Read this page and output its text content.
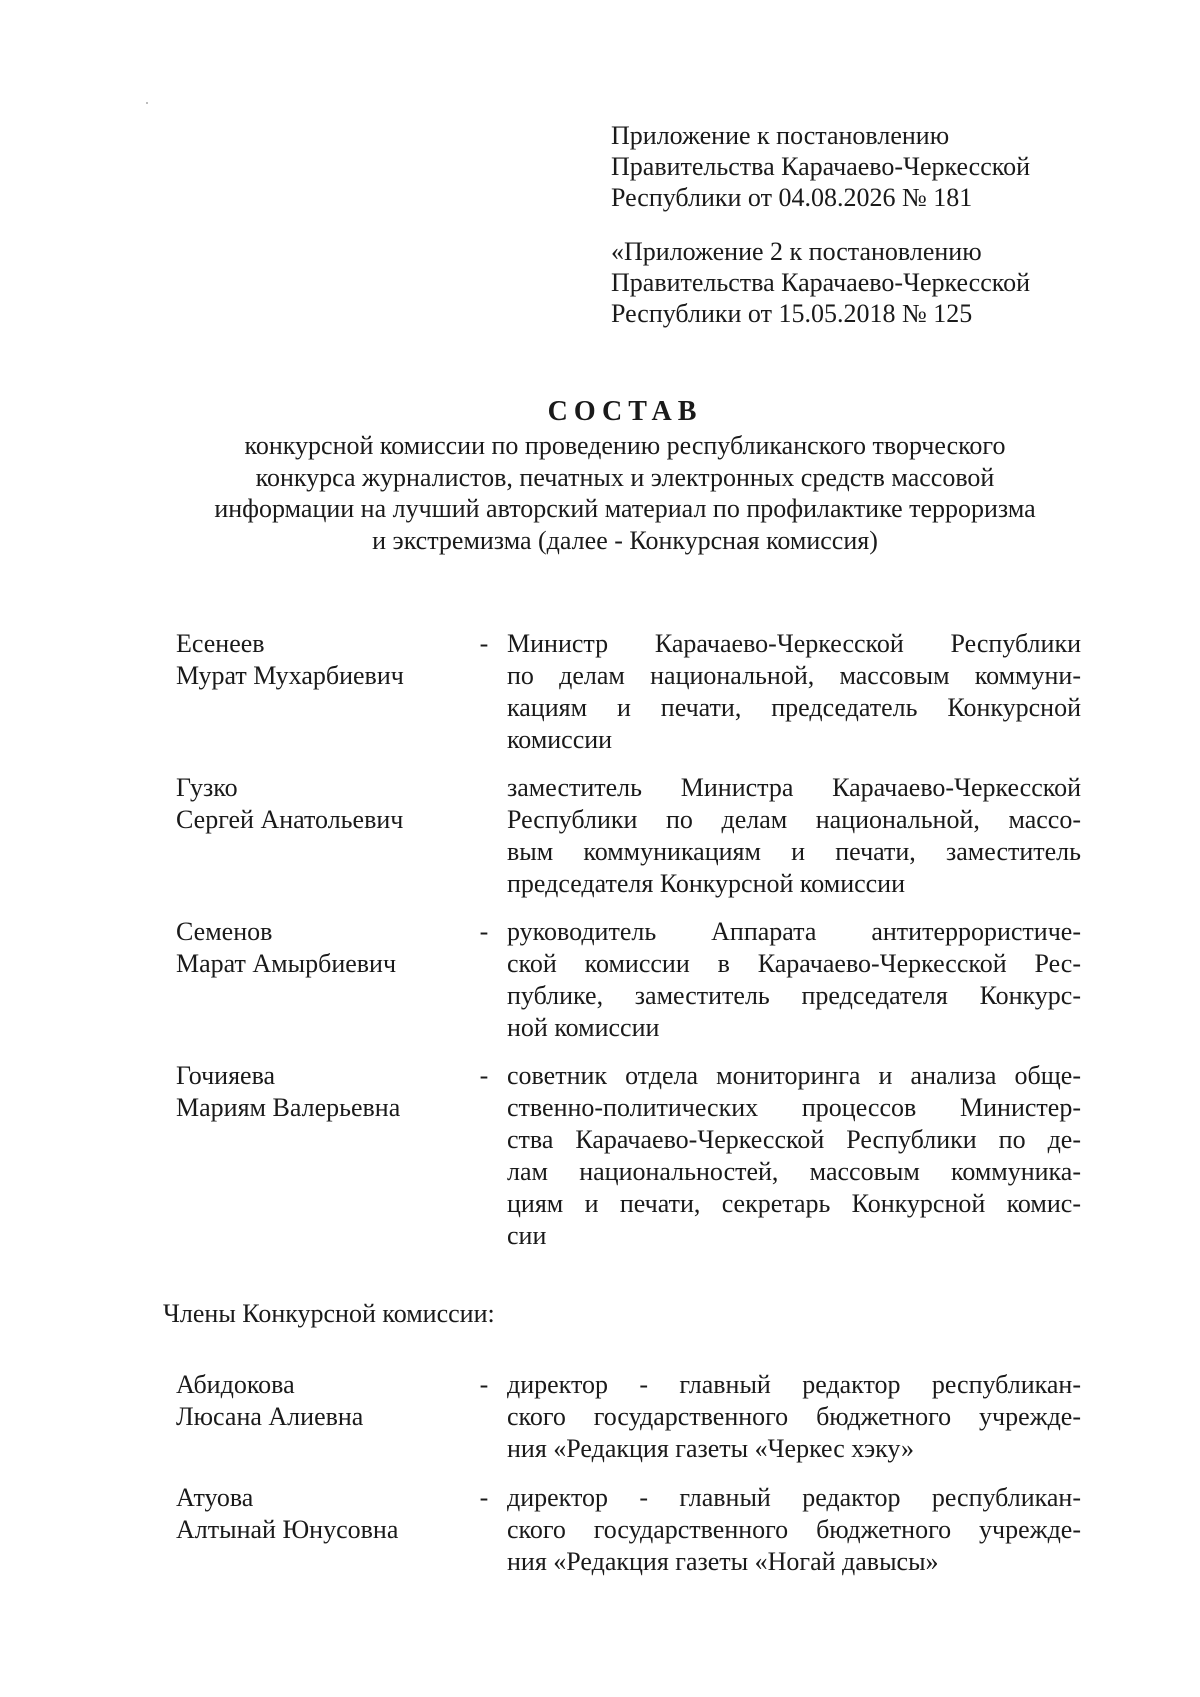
Приложение к постановлению
Правительства Карачаево-Черкесской
Республики от 04.08.2026 № 181
«Приложение 2 к постановлению
Правительства Карачаево-Черкесской
Республики от 15.05.2018 № 125
СОСТАВ
конкурсной комиссии по проведению республиканского творческого
конкурса журналистов, печатных и электронных средств массовой
информации на лучший авторский материал по профилактике терроризма
и экстремизма (далее - Конкурсная комиссия)
Есенеев
Мурат Мухарбиевич
- Министр Карачаево-Черкесской Республики
по делам национальной, массовым коммуни-
кациям и печати, председатель Конкурсной
комиссии
Гузко
Сергей Анатольевич
заместитель Министра Карачаево-Черкесской
Республики по делам национальной, массо-
вым коммуникациям и печати, заместитель
председателя Конкурсной комиссии
Семенов
Марат Амырбиевич
- руководитель Аппарата антитеррористиче-
ской комиссии в Карачаево-Черкесской Рес-
публике, заместитель председателя Конкурс-
ной комиссии
Гочияева
Мариям Валерьевна
- советник отдела мониторинга и анализа обще-
ственно-политических процессов Министер-
ства Карачаево-Черкесской Республики по де-
лам национальностей, массовым коммуника-
циям и печати, секретарь Конкурсной комис-
сии
Члены Конкурсной комиссии:
Абидокова
Люсана Алиевна
- директор - главный редактор республикан-
ского государственного бюджетного учрежде-
ния «Редакция газеты «Черкес хэку»
Атуова
Алтынай Юнусовна
- директор - главный редактор республикан-
ского государственного бюджетного учрежде-
ния «Редакция газеты «Ногай давысы»
